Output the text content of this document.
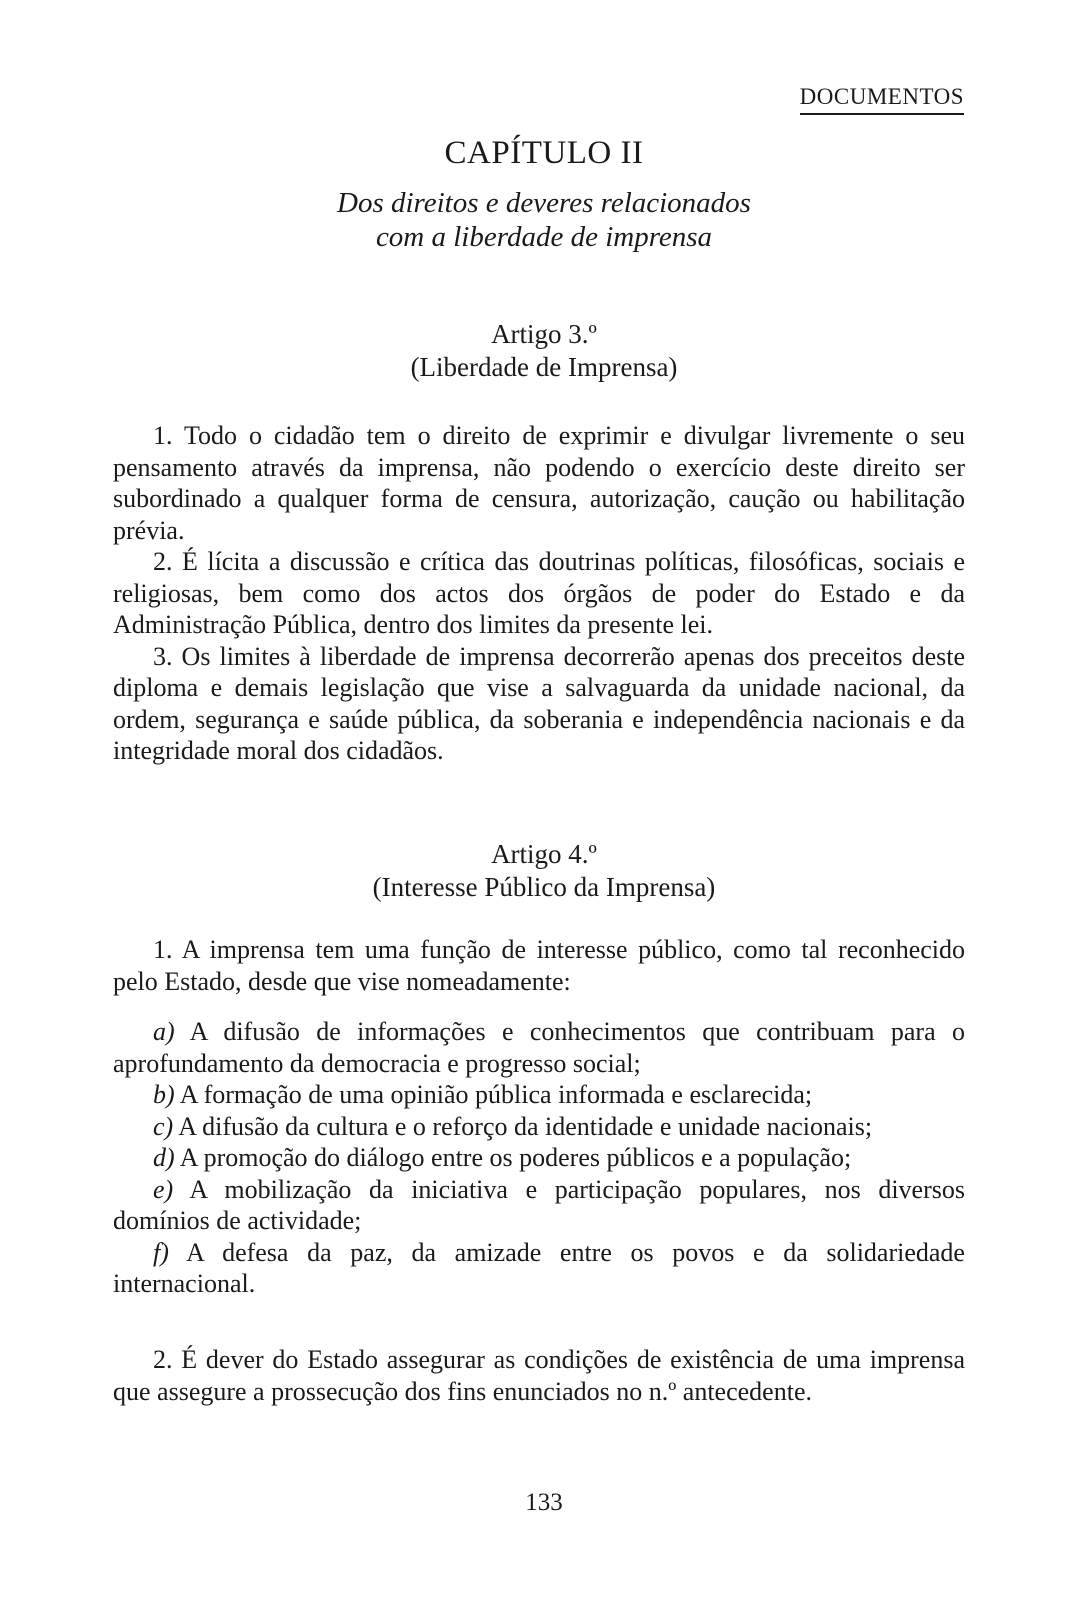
DOCUMENTOS
CAPÍTULO II
Dos direitos e deveres relacionados
com a liberdade de imprensa
Artigo 3.º
(Liberdade de Imprensa)

1. Todo o cidadão tem o direito de exprimir e divulgar livremente o seu pensamento através da imprensa, não podendo o exercício deste direito ser subordinado a qualquer forma de censura, autorização, caução ou habilitação prévia.

2. É lícita a discussão e crítica das doutrinas políticas, filosóficas, sociais e religiosas, bem como dos actos dos órgãos de poder do Estado e da Administração Pública, dentro dos limites da presente lei.

3. Os limites à liberdade de imprensa decorrerão apenas dos preceitos deste diploma e demais legislação que vise a salvaguarda da unidade nacional, da ordem, segurança e saúde pública, da soberania e independência nacionais e da integridade moral dos cidadãos.

Artigo 4.º
(Interesse Público da Imprensa)

1. A imprensa tem uma função de interesse público, como tal reconhecido pelo Estado, desde que vise nomeadamente:

a) A difusão de informações e conhecimentos que contribuam para o aprofundamento da democracia e progresso social;

b) A formação de uma opinião pública informada e esclarecida;

c) A difusão da cultura e o reforço da identidade e unidade nacionais;

d) A promoção do diálogo entre os poderes públicos e a população;

e) A mobilização da iniciativa e participação populares, nos diversos domínios de actividade;

f) A defesa da paz, da amizade entre os povos e da solidariedade internacional.

2. É dever do Estado assegurar as condições de existência de uma imprensa que assegure a prossecução dos fins enunciados no n.º antecedente.

133
